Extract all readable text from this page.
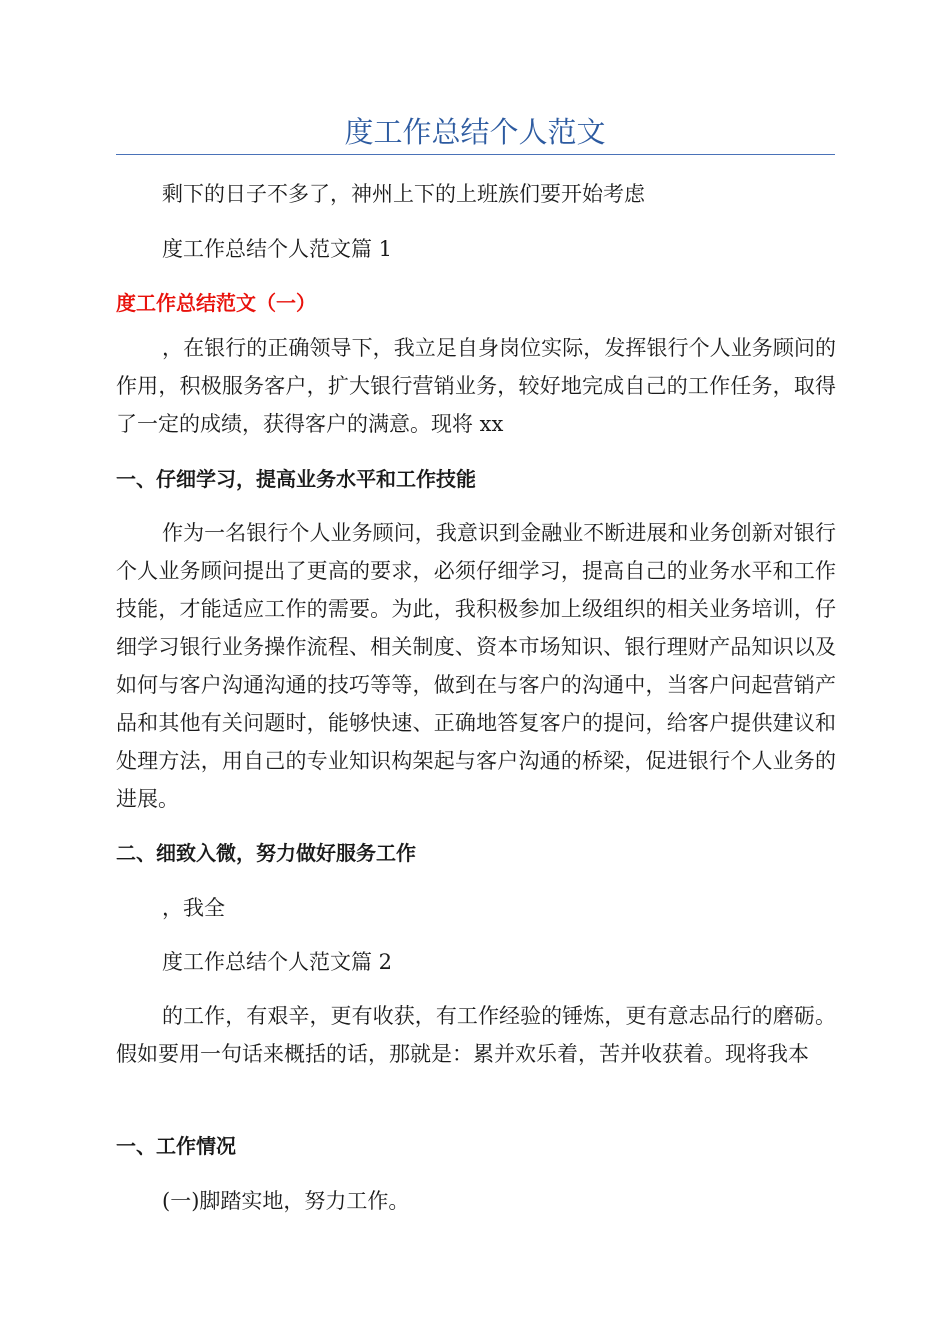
度工作总结个人范文

剩下的日子不多了，神州上下的上班族们要开始考虑

度工作总结个人范文篇 1

度工作总结范文（一）

，在银行的正确领导下，我立足自身岗位实际，发挥银行个人业务顾问的作用，积极服务客户，扩大银行营销业务，较好地完成自己的工作任务，取得了一定的成绩，获得客户的满意。现将 xx

一、仔细学习，提高业务水平和工作技能

作为一名银行个人业务顾问，我意识到金融业不断进展和业务创新对银行个人业务顾问提出了更高的要求，必须仔细学习，提高自己的业务水平和工作技能，才能适应工作的需要。为此，我积极参加上级组织的相关业务培训，仔细学习银行业务操作流程、相关制度、资本市场知识、银行理财产品知识以及如何与客户沟通沟通的技巧等等，做到在与客户的沟通中，当客户问起营销产品和其他有关问题时，能够快速、正确地答复客户的提问，给客户提供建议和处理方法，用自己的专业知识构架起与客户沟通的桥梁，促进银行个人业务的进展。

二、细致入微，努力做好服务工作

，我全

度工作总结个人范文篇 2

的工作，有艰辛，更有收获，有工作经验的锤炼，更有意志品行的磨砺。假如要用一句话来概括的话，那就是：累并欢乐着，苦并收获着。现将我本

一、工作情况

(一)脚踏实地，努力工作。
